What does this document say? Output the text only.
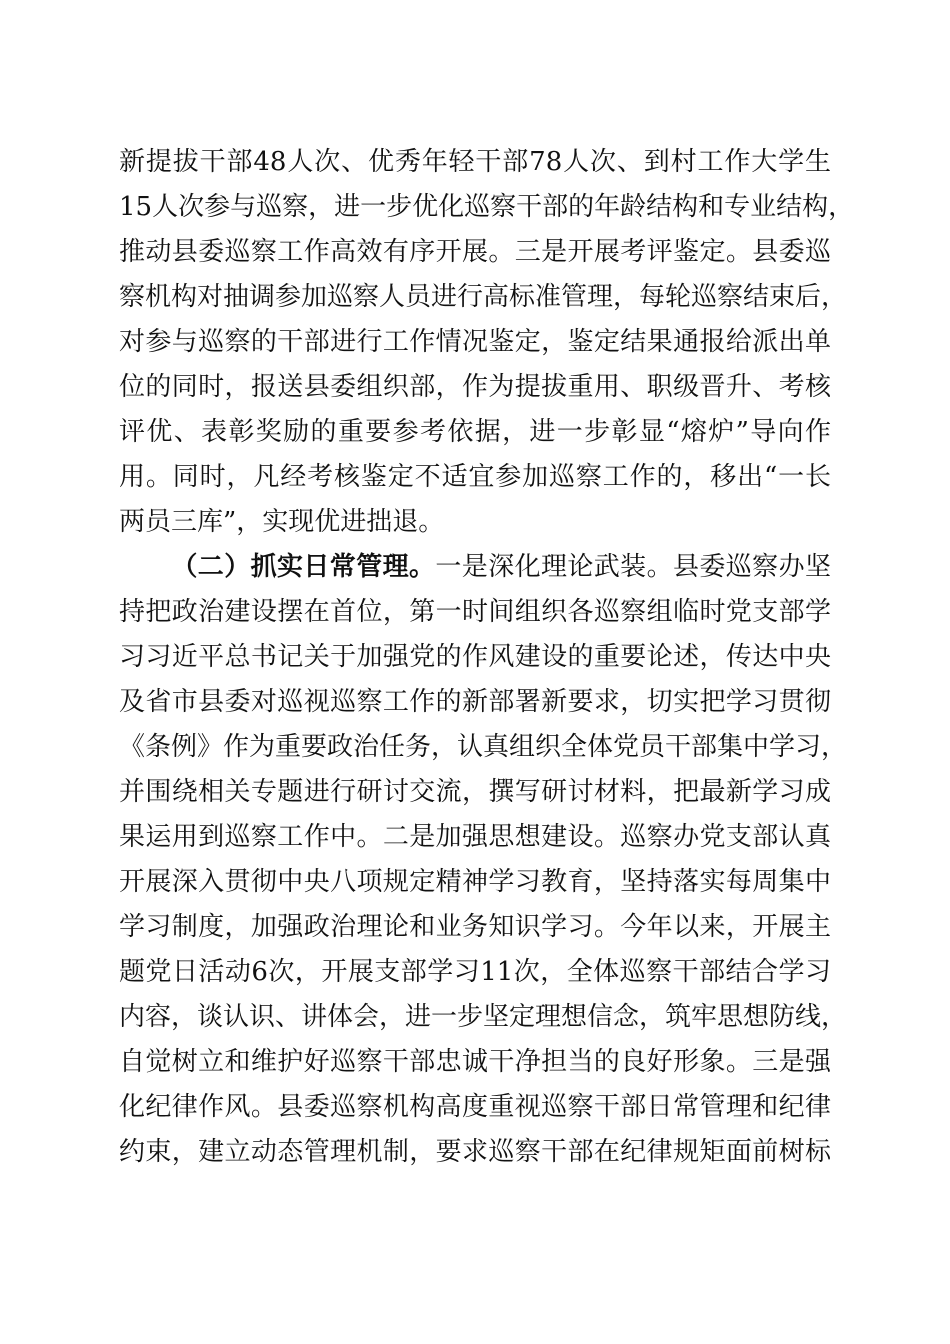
新提拔干部48人次、优秀年轻干部78人次、到村工作大学生
15人次参与巡察，进一步优化巡察干部的年龄结构和专业结构，
推动县委巡察工作高效有序开展。三是开展考评鉴定。县委巡
察机构对抽调参加巡察人员进行高标准管理，每轮巡察结束后，
对参与巡察的干部进行工作情况鉴定，鉴定结果通报给派出单
位的同时，报送县委组织部，作为提拔重用、职级晋升、考核
评优、表彰奖励的重要参考依据，进一步彰显“熔炉”导向作
用。同时，凡经考核鉴定不适宜参加巡察工作的，移出“一长
两员三库”，实现优进拙退。
（二）抓实日常管理。一是深化理论武装。县委巡察办坚
持把政治建设摆在首位，第一时间组织各巡察组临时党支部学
习习近平总书记关于加强党的作风建设的重要论述，传达中央
及省市县委对巡视巡察工作的新部署新要求，切实把学习贯彻
《条例》作为重要政治任务，认真组织全体党员干部集中学习，
并围绕相关专题进行研讨交流，撰写研讨材料，把最新学习成
果运用到巡察工作中。二是加强思想建设。巡察办党支部认真
开展深入贯彻中央八项规定精神学习教育，坚持落实每周集中
学习制度，加强政治理论和业务知识学习。今年以来，开展主
题党日活动6次，开展支部学习11次，全体巡察干部结合学习
内容，谈认识、讲体会，进一步坚定理想信念，筑牢思想防线，
自觉树立和维护好巡察干部忠诚干净担当的良好形象。三是强
化纪律作风。县委巡察机构高度重视巡察干部日常管理和纪律
约束，建立动态管理机制，要求巡察干部在纪律规矩面前树标
